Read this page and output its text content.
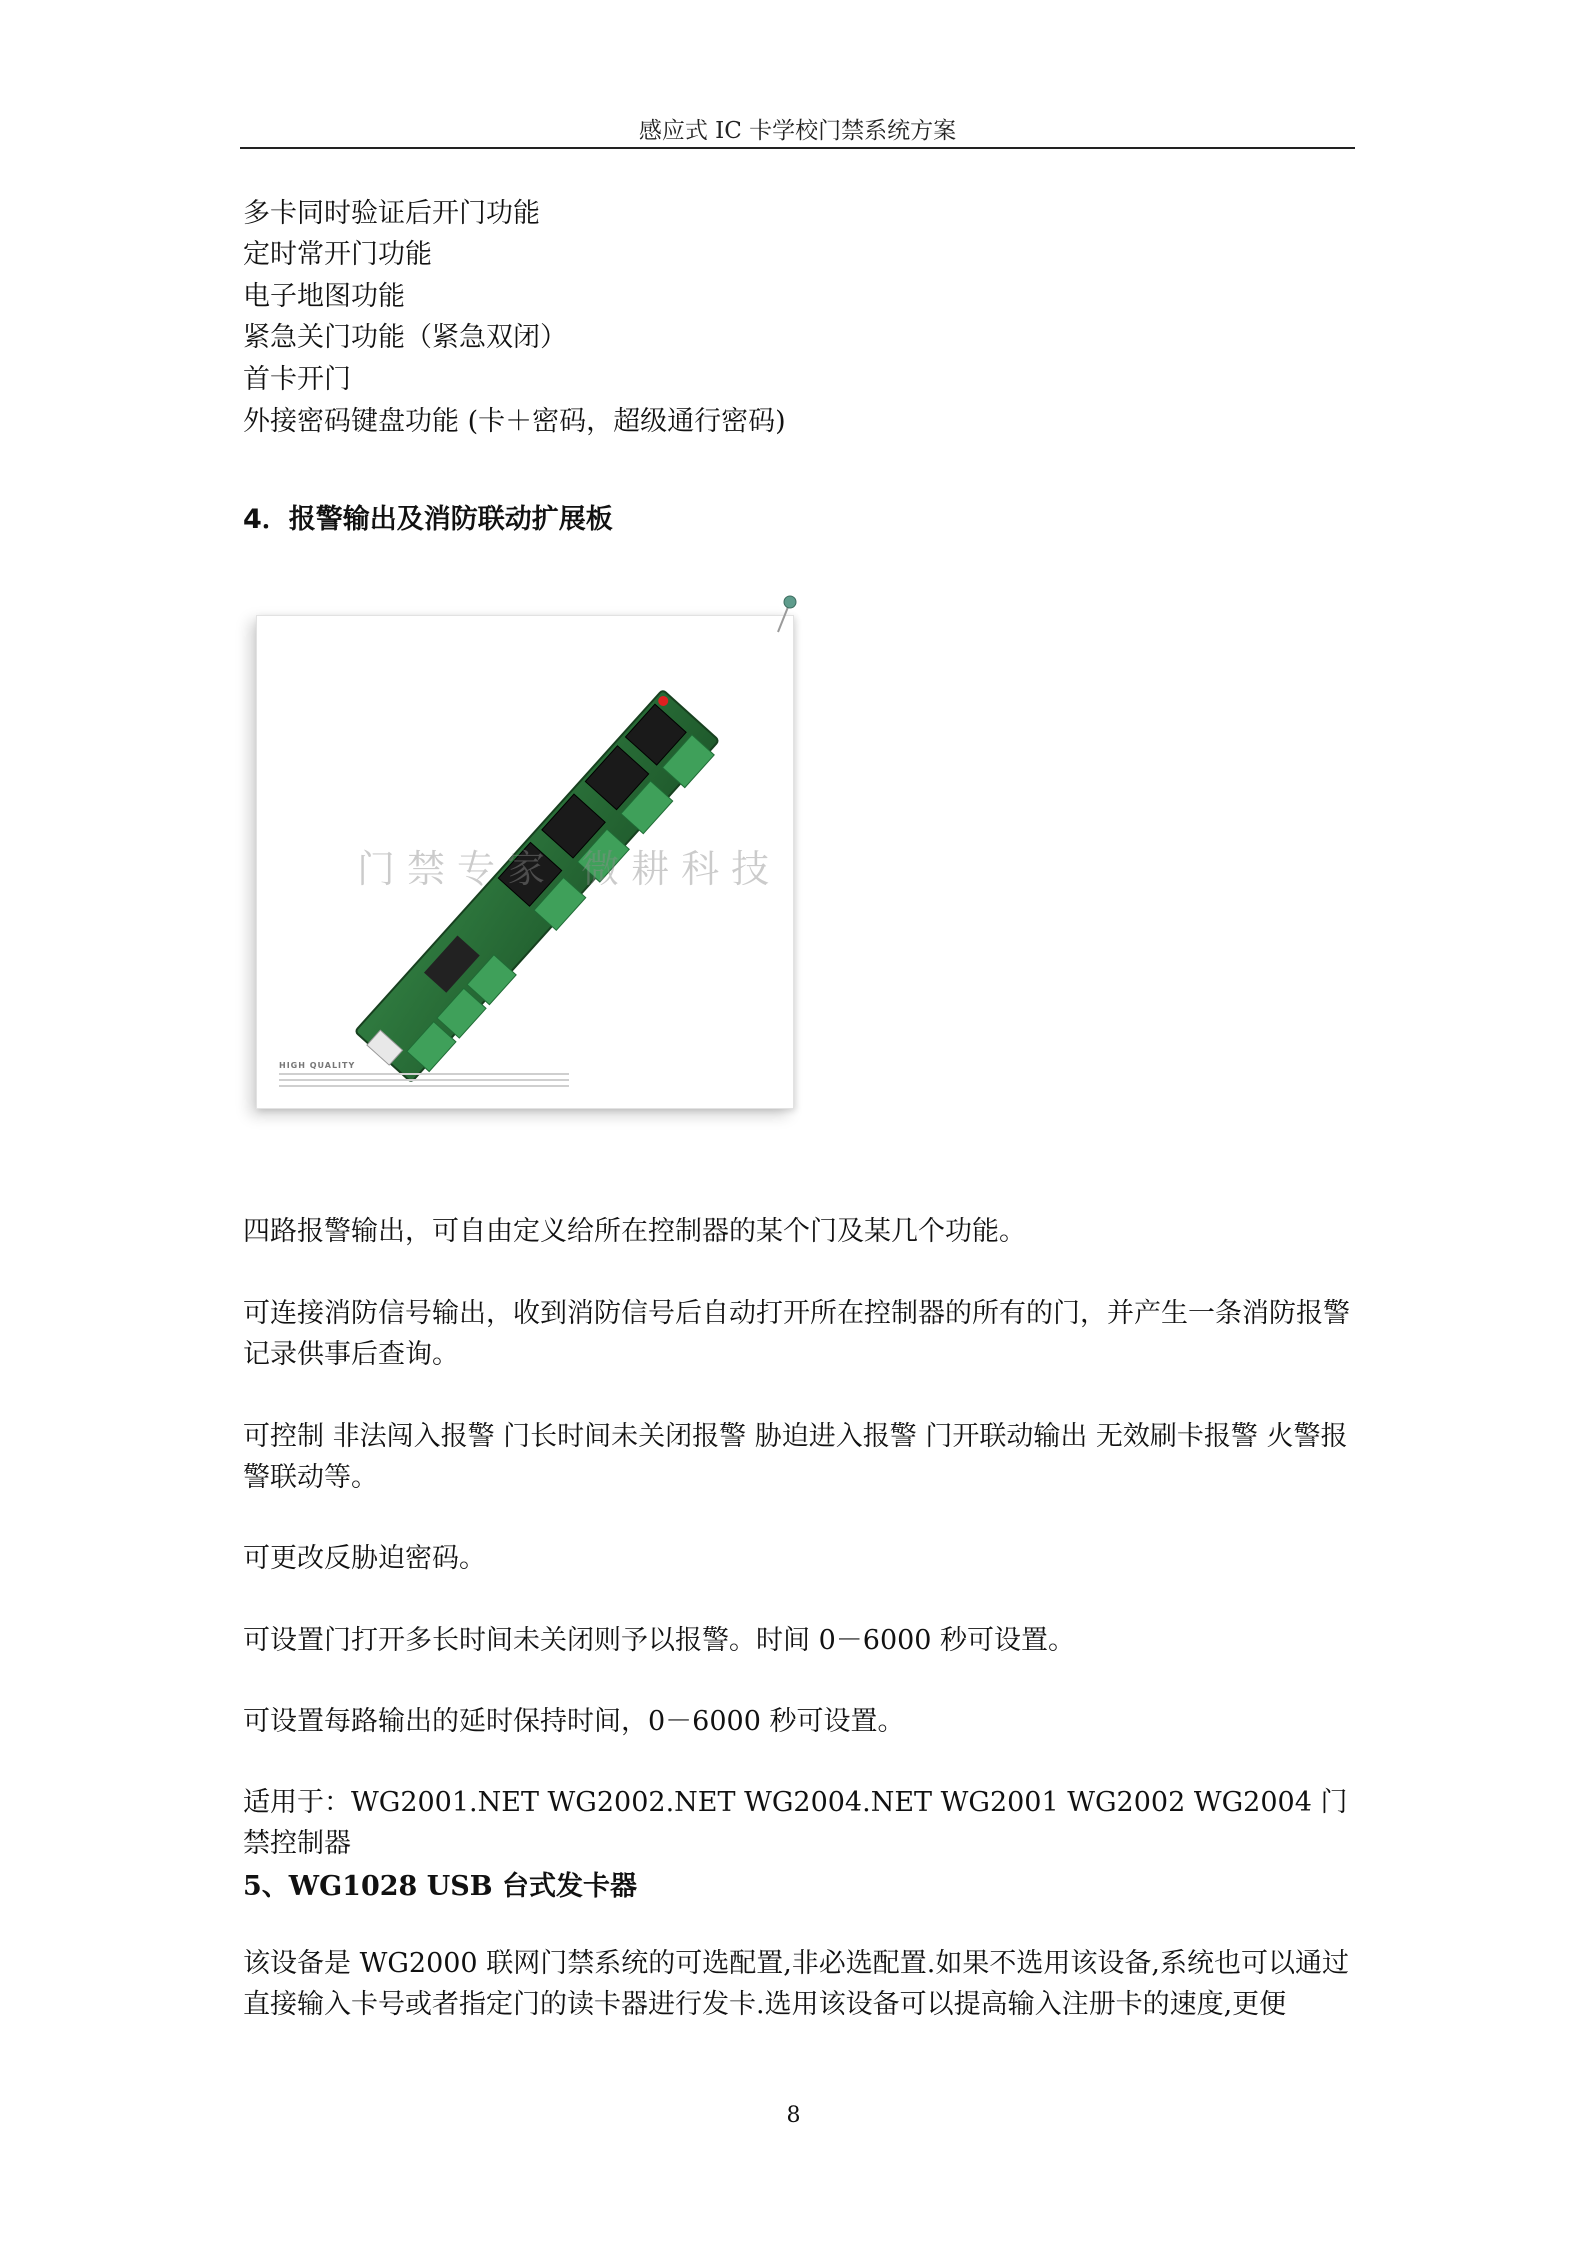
感应式 IC 卡学校门禁系统方案
多卡同时验证后开门功能
定时常开门功能
电子地图功能
紧急关门功能（紧急双闭）
首卡开门
外接密码键盘功能 (卡＋密码，超级通行密码)
4．报警输出及消防联动扩展板
门禁专家 微耕科技
HIGH QUALITY
四路报警输出，可自由定义给所在控制器的某个门及某几个功能。
可连接消防信号输出，收到消防信号后自动打开所在控制器的所有的门，并产生一条消防报警记录供事后查询。
可控制 非法闯入报警 门长时间未关闭报警 胁迫进入报警 门开联动输出 无效刷卡报警 火警报警联动等。
可更改反胁迫密码。
可设置门打开多长时间未关闭则予以报警。时间 0－6000 秒可设置。
可设置每路输出的延时保持时间，0－6000 秒可设置。
适用于：WG2001.NET WG2002.NET WG2004.NET WG2001 WG2002 WG2004 门禁控制器
5、WG1028 USB 台式发卡器
该设备是 WG2000 联网门禁系统的可选配置,非必选配置.如果不选用该设备,系统也可以通过直接输入卡号或者指定门的读卡器进行发卡.选用该设备可以提高输入注册卡的速度,更便
8
